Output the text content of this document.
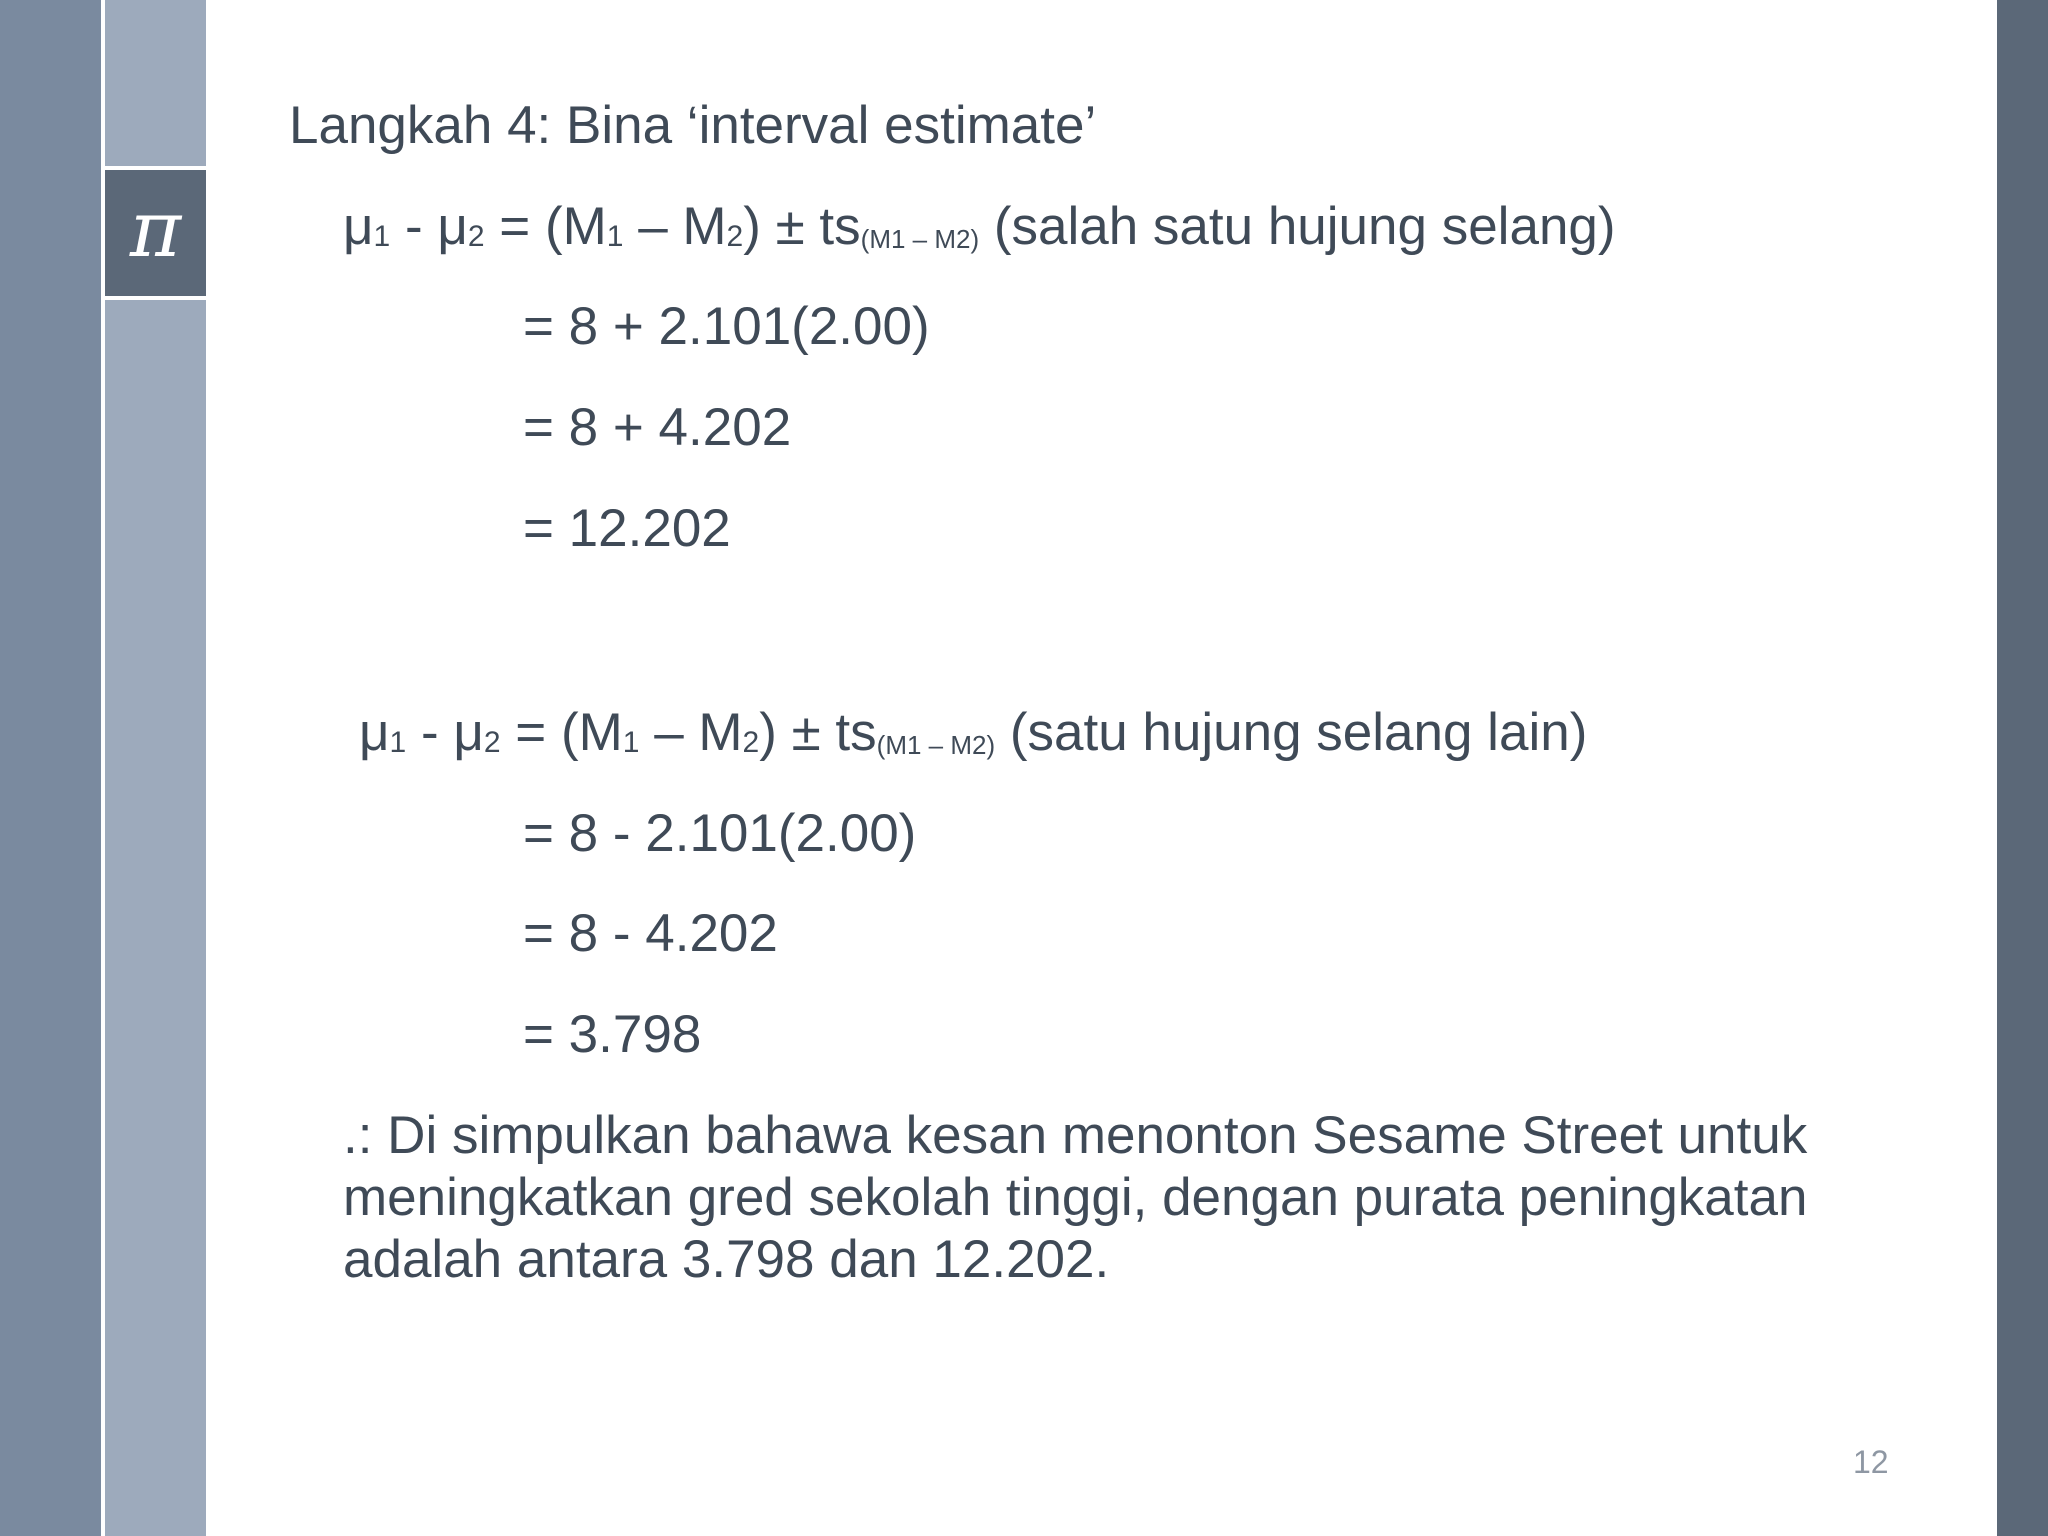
π
Langkah 4: Bina ‘interval estimate’
μ1 - μ2 = (M1 – M2) ± ts(M1 – M2) (salah satu hujung selang)
= 8 + 2.101(2.00)
= 8 + 4.202
= 12.202
μ1 - μ2 = (M1 – M2) ± ts(M1 – M2) (satu hujung selang lain)
= 8 - 2.101(2.00)
= 8 - 4.202
= 3.798
.: Di simpulkan bahawa kesan menonton Sesame Street untuk meningkatkan gred sekolah tinggi, dengan purata peningkatan adalah antara 3.798 dan 12.202.
12
